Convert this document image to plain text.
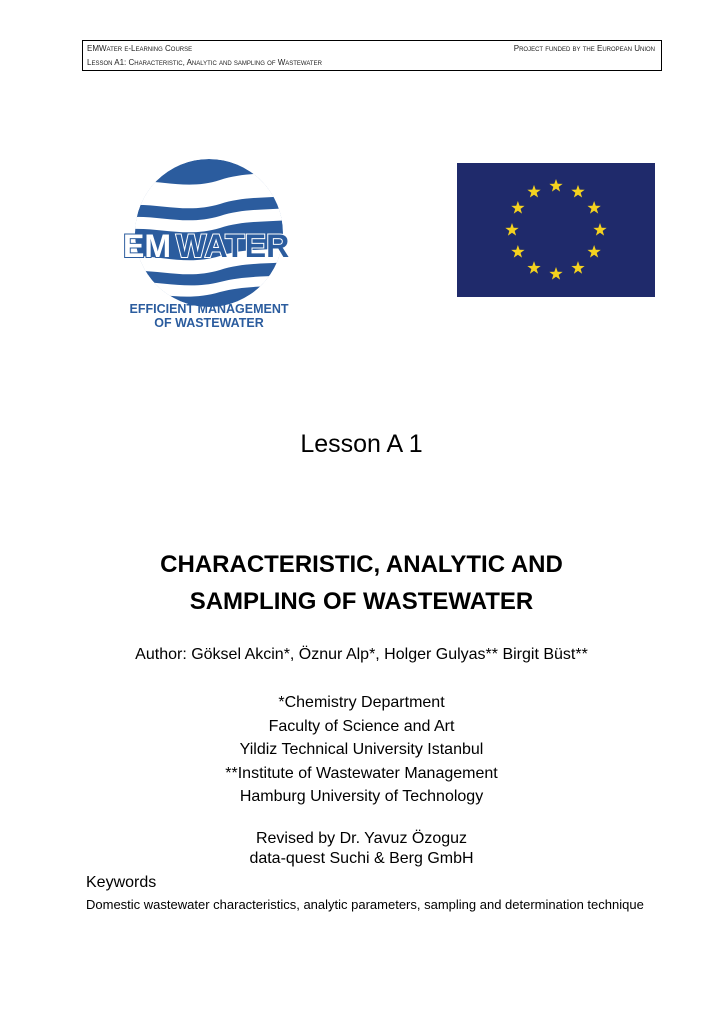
EMWater e-Learning Course	Project funded by the European Union
Lesson A1: Characteristic, Analytic and sampling of Wastewater
EM WATER
EFFICIENT MANAGEMENT
OF WASTEWATER
Lesson A 1
CHARACTERISTIC, ANALYTIC AND
SAMPLING OF WASTEWATER
Author: Göksel Akcin*, Öznur Alp*, Holger Gulyas** Birgit Büst**
*Chemistry Department
Faculty of Science and Art
Yildiz Technical University Istanbul
**Institute of Wastewater Management
Hamburg University of Technology
Revised by Dr. Yavuz Özoguz
data-quest Suchi & Berg GmbH
Keywords
Domestic wastewater characteristics, analytic parameters, sampling and determination technique
